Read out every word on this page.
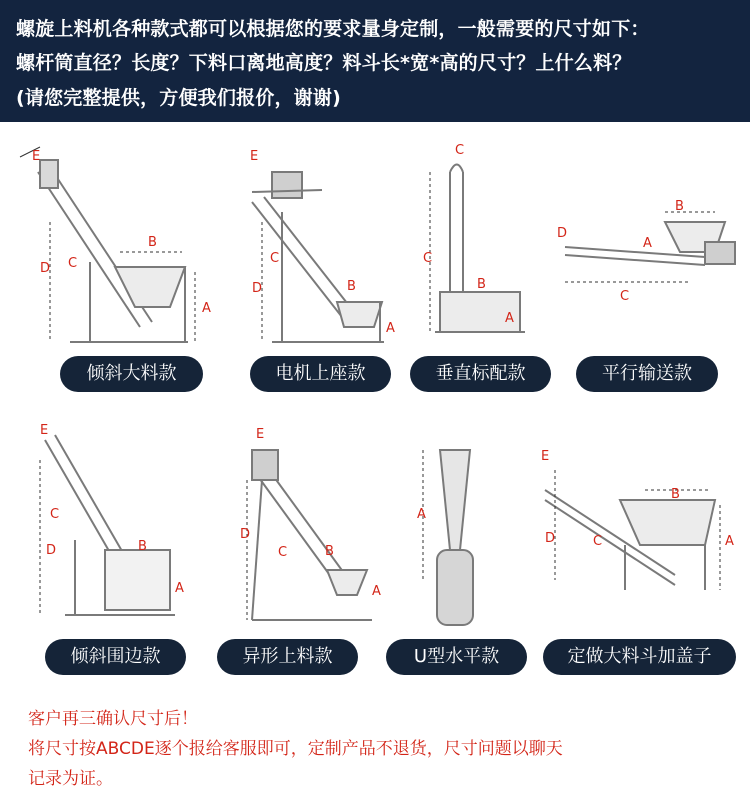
螺旋上料机各种款式都可以根据您的要求量身定制，一般需要的尺寸如下：
螺杆筒直径？长度？下料口离地高度？料斗长*宽*高的尺寸？上什么料？
(请您完整提供，方便我们报价，谢谢)
E
D C
B
A
E
D
C
B
A
C
C
B
A
D
B
A
C
E
C
D	B
A
E
D
C	B
A
A
E
D	C
B
A
倾斜大料款	电机上座款	垂直标配款	平行输送款
倾斜围边款	异形上料款	U型水平款	定做大料斗加盖子
客户再三确认尺寸后！
将尺寸按ABCDE逐个报给客服即可，定制产品不退货，尺寸问题以聊天
记录为证。
